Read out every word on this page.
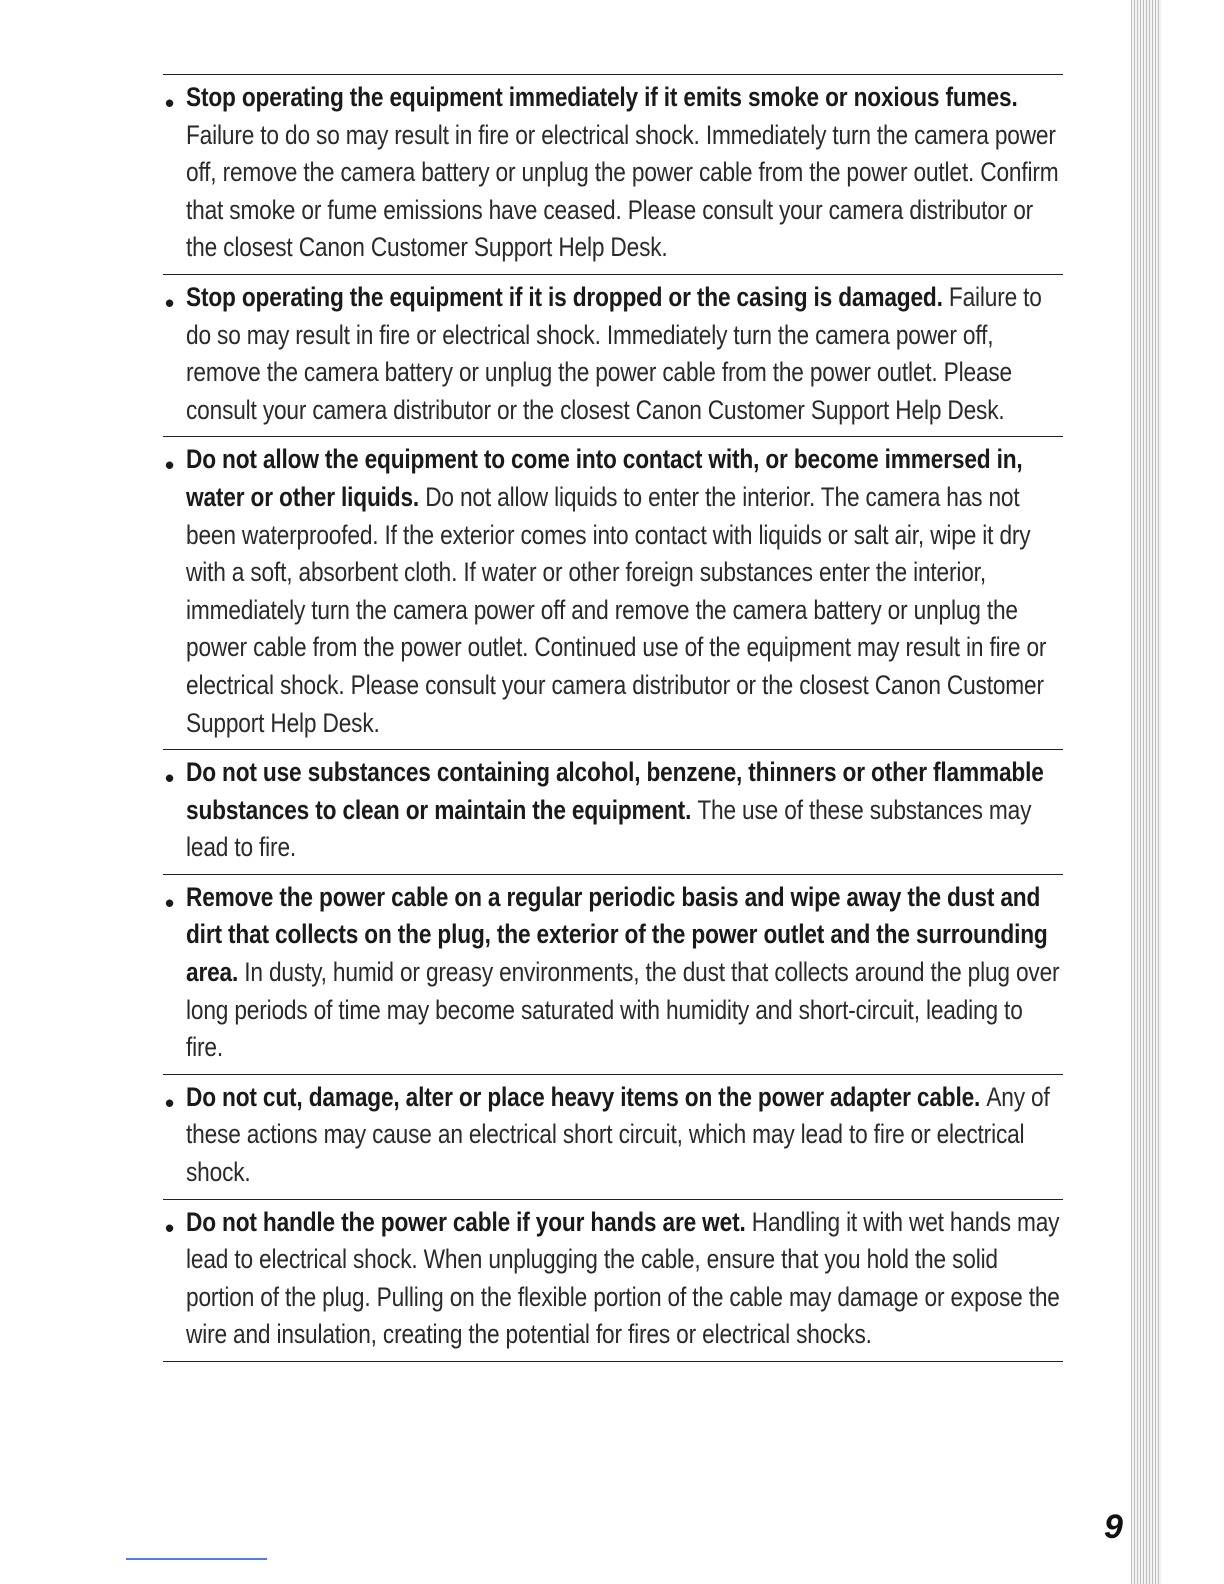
• Stop operating the equipment immediately if it emits smoke or noxious fumes. Failure to do so may result in fire or electrical shock. Immediately turn the camera power off, remove the camera battery or unplug the power cable from the power outlet. Confirm that smoke or fume emissions have ceased. Please consult your camera distributor or the closest Canon Customer Support Help Desk.
• Stop operating the equipment if it is dropped or the casing is damaged. Failure to do so may result in fire or electrical shock. Immediately turn the camera power off, remove the camera battery or unplug the power cable from the power outlet. Please consult your camera distributor or the closest Canon Customer Support Help Desk.
• Do not allow the equipment to come into contact with, or become immersed in, water or other liquids. Do not allow liquids to enter the interior. The camera has not been waterproofed. If the exterior comes into contact with liquids or salt air, wipe it dry with a soft, absorbent cloth. If water or other foreign substances enter the interior, immediately turn the camera power off and remove the camera battery or unplug the power cable from the power outlet. Continued use of the equipment may result in fire or electrical shock. Please consult your camera distributor or the closest Canon Customer Support Help Desk.
• Do not use substances containing alcohol, benzene, thinners or other flammable substances to clean or maintain the equipment. The use of these substances may lead to fire.
• Remove the power cable on a regular periodic basis and wipe away the dust and dirt that collects on the plug, the exterior of the power outlet and the surrounding area. In dusty, humid or greasy environments, the dust that collects around the plug over long periods of time may become saturated with humidity and short-circuit, leading to fire.
• Do not cut, damage, alter or place heavy items on the power adapter cable. Any of these actions may cause an electrical short circuit, which may lead to fire or electrical shock.
• Do not handle the power cable if your hands are wet. Handling it with wet hands may lead to electrical shock. When unplugging the cable, ensure that you hold the solid portion of the plug. Pulling on the flexible portion of the cable may damage or expose the wire and insulation, creating the potential for fires or electrical shocks.
9
